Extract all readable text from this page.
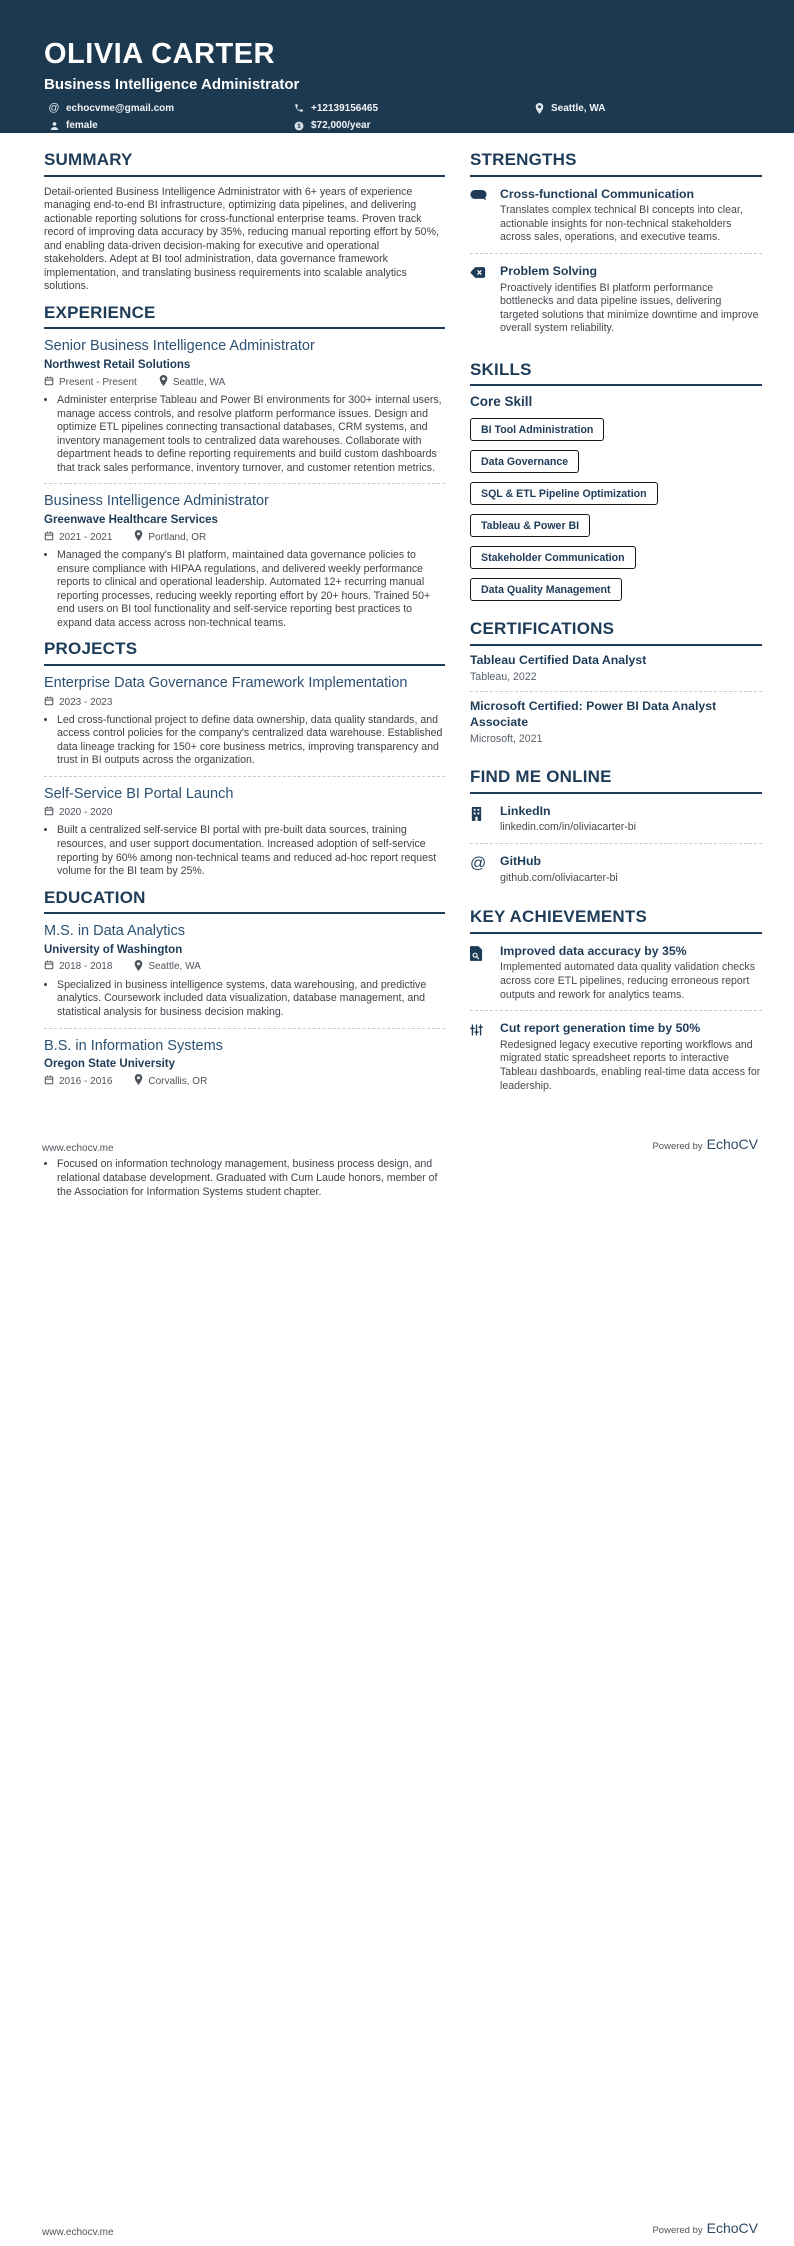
OLIVIA CARTER
Business Intelligence Administrator
@ echocvme@gmail.com	+12139156465	Seattle, WA
female	$ $72,000/year
SUMMARY

Detail-oriented Business Intelligence Administrator with 6+ years of experience managing end-to-end BI infrastructure, optimizing data pipelines, and delivering actionable reporting solutions for cross-functional enterprise teams. Proven track record of improving data accuracy by 35%, reducing manual reporting effort by 50%, and enabling data-driven decision-making for executive and operational stakeholders. Adept at BI tool administration, data governance framework implementation, and translating business requirements into scalable analytics solutions.

EXPERIENCE
Senior Business Intelligence Administrator
Northwest Retail Solutions
Present - Present	Seattle, WA
• Administer enterprise Tableau and Power BI environments for 300+ internal users, manage access controls, and resolve platform performance issues. Design and optimize ETL pipelines connecting transactional databases, CRM systems, and inventory management tools to centralized data warehouses. Collaborate with department heads to define reporting requirements and build custom dashboards that track sales performance, inventory turnover, and customer retention metrics.
Business Intelligence Administrator
Greenwave Healthcare Services
2021 - 2021	Portland, OR
• Managed the company's BI platform, maintained data governance policies to ensure compliance with HIPAA regulations, and delivered weekly performance reports to clinical and operational leadership. Automated 12+ recurring manual reporting processes, reducing weekly reporting effort by 20+ hours. Trained 50+ end users on BI tool functionality and self-service reporting best practices to expand data access across non-technical teams.
PROJECTS
Enterprise Data Governance Framework Implementation
2023 - 2023
• Led cross-functional project to define data ownership, data quality standards, and access control policies for the company's centralized data warehouse. Established data lineage tracking for 150+ core business metrics, improving transparency and trust in BI outputs across the organization.
Self-Service BI Portal Launch
2020 - 2020
• Built a centralized self-service BI portal with pre-built data sources, training resources, and user support documentation. Increased adoption of self-service reporting by 60% among non-technical teams and reduced ad-hoc report request volume for the BI team by 25%.
EDUCATION
M.S. in Data Analytics
University of Washington
2018 - 2018	Seattle, WA
• Specialized in business intelligence systems, data warehousing, and predictive analytics. Coursework included data visualization, database management, and statistical analysis for business decision making.
B.S. in Information Systems
Oregon State University
2016 - 2016	Corvallis, OR
STRENGTHS
Cross-functional Communication
Translates complex technical BI concepts into clear, actionable insights for non-technical stakeholders across sales, operations, and executive teams.
Problem Solving
Proactively identifies BI platform performance bottlenecks and data pipeline issues, delivering targeted solutions that minimize downtime and improve overall system reliability.
SKILLS
Core Skill
BI Tool Administration
Data Governance
SQL & ETL Pipeline Optimization
Tableau & Power BI
Stakeholder Communication
Data Quality Management
CERTIFICATIONS
Tableau Certified Data Analyst
Tableau, 2022
Microsoft Certified: Power BI Data Analyst Associate
Microsoft, 2021
FIND ME ONLINE
LinkedIn
linkedin.com/in/oliviacarter-bi
@	GitHub
github.com/oliviacarter-bi
KEY ACHIEVEMENTS
Improved data accuracy by 35%
Implemented automated data quality validation checks across core ETL pipelines, reducing erroneous report outputs and rework for analytics teams.
Cut report generation time by 50%
Redesigned legacy executive reporting workflows and migrated static spreadsheet reports to interactive Tableau dashboards, enabling real-time data access for leadership.
www.echocv.me	Powered by EchoCV
• Focused on information technology management, business process design, and relational database development. Graduated with Cum Laude honors, member of the Association for Information Systems student chapter.
www.echocv.me	Powered by EchoCV
